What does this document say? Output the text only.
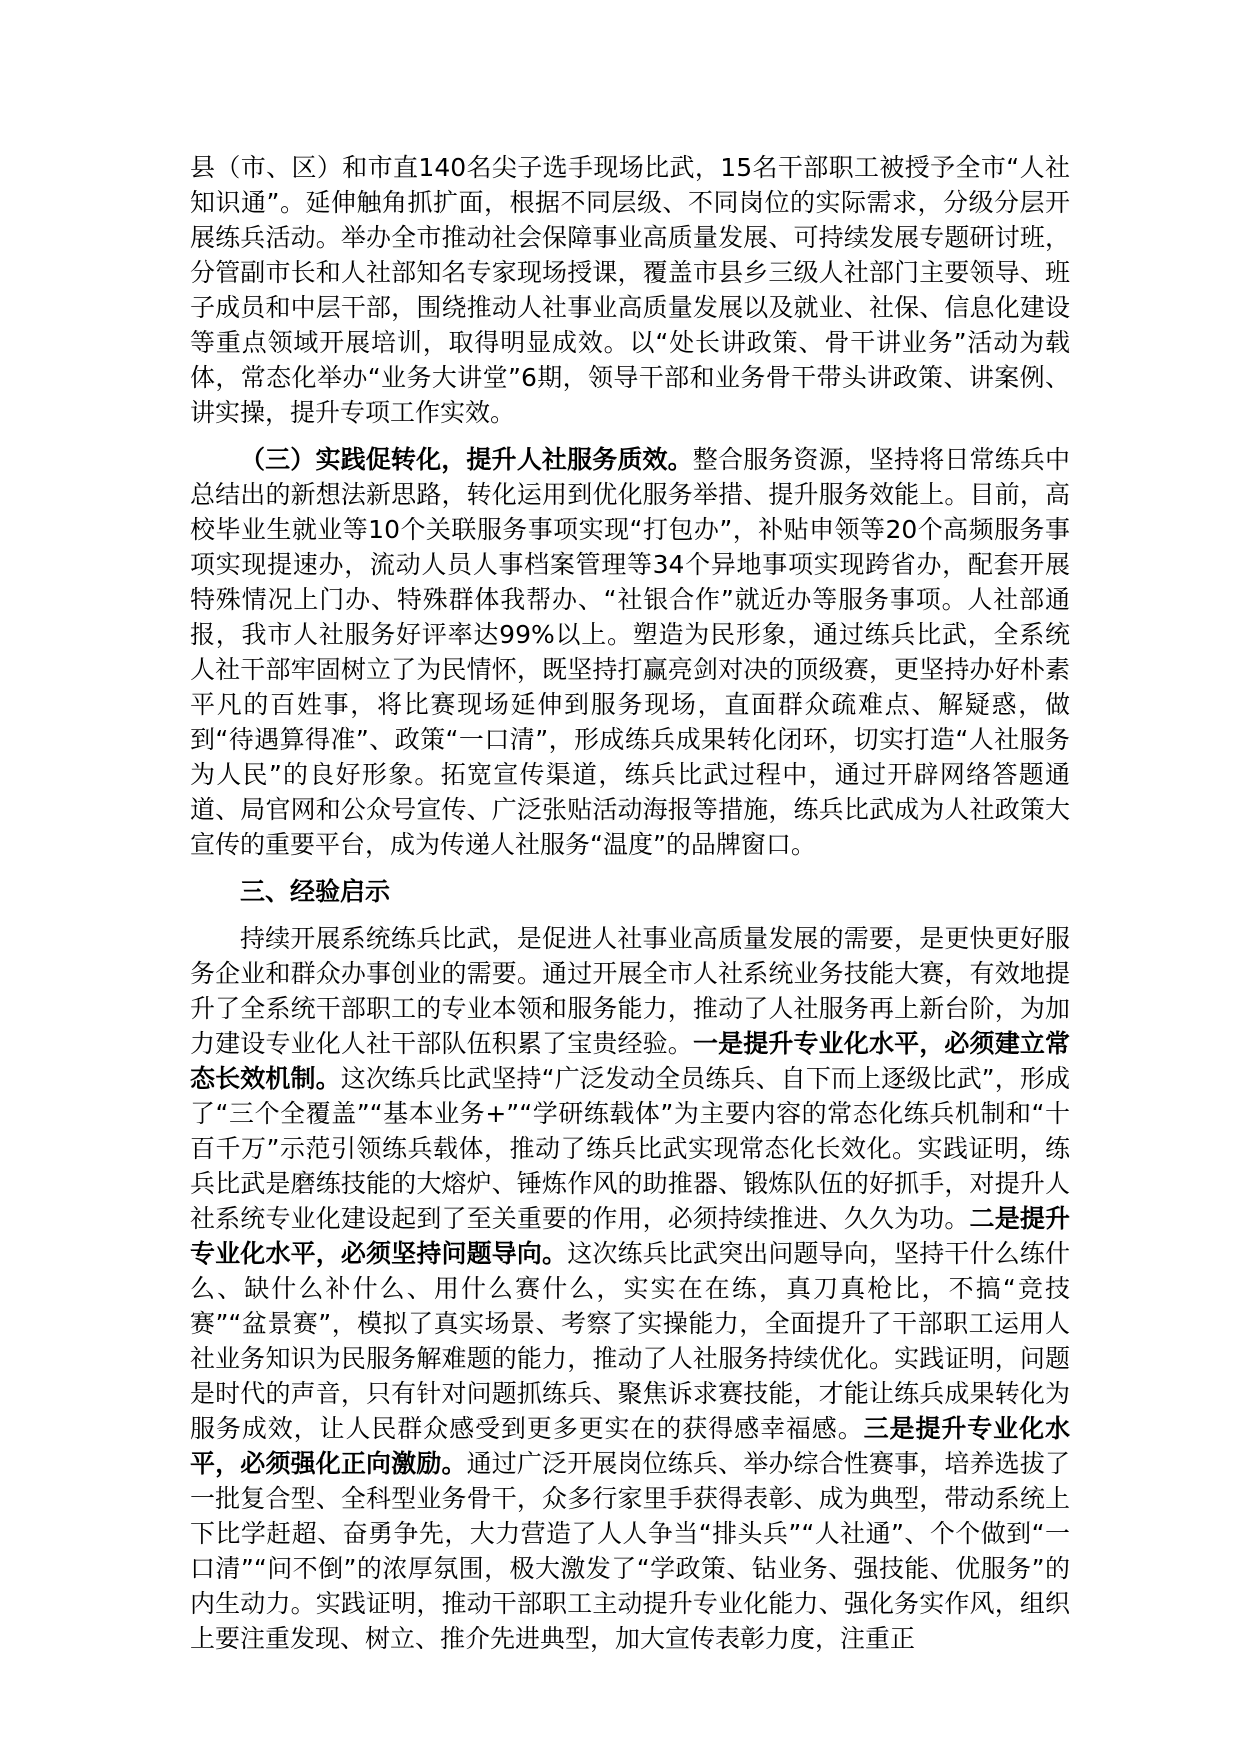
县（市、区）和市直140名尖子选手现场比武，15名干部职工被授予全市“人社知识通”。延伸触角抓扩面，根据不同层级、不同岗位的实际需求，分级分层开展练兵活动。举办全市推动社会保障事业高质量发展、可持续发展专题研讨班，分管副市长和人社部知名专家现场授课，覆盖市县乡三级人社部门主要领导、班子成员和中层干部，围绕推动人社事业高质量发展以及就业、社保、信息化建设等重点领域开展培训，取得明显成效。以“处长讲政策、骨干讲业务”活动为载体，常态化举办“业务大讲堂”6期，领导干部和业务骨干带头讲政策、讲案例、讲实操，提升专项工作实效。

（三）实践促转化，提升人社服务质效。整合服务资源，坚持将日常练兵中总结出的新想法新思路，转化运用到优化服务举措、提升服务效能上。目前，高校毕业生就业等10个关联服务事项实现“打包办”，补贴申领等20个高频服务事项实现提速办，流动人员人事档案管理等34个异地事项实现跨省办，配套开展特殊情况上门办、特殊群体我帮办、“社银合作”就近办等服务事项。人社部通报，我市人社服务好评率达99%以上。塑造为民形象，通过练兵比武，全系统人社干部牢固树立了为民情怀，既坚持打赢亮剑对决的顶级赛，更坚持办好朴素平凡的百姓事，将比赛现场延伸到服务现场，直面群众疏难点、解疑惑，做到“待遇算得准”、政策“一口清”，形成练兵成果转化闭环，切实打造“人社服务为人民”的良好形象。拓宽宣传渠道，练兵比武过程中，通过开辟网络答题通道、局官网和公众号宣传、广泛张贴活动海报等措施，练兵比武成为人社政策大宣传的重要平台，成为传递人社服务“温度”的品牌窗口。

三、经验启示

持续开展系统练兵比武，是促进人社事业高质量发展的需要，是更快更好服务企业和群众办事创业的需要。通过开展全市人社系统业务技能大赛，有效地提升了全系统干部职工的专业本领和服务能力，推动了人社服务再上新台阶，为加力建设专业化人社干部队伍积累了宝贵经验。一是提升专业化水平，必须建立常态长效机制。这次练兵比武坚持“广泛发动全员练兵、自下而上逐级比武”，形成了“三个全覆盖”“基本业务+”“学研练载体”为主要内容的常态化练兵机制和“十百千万”示范引领练兵载体，推动了练兵比武实现常态化长效化。实践证明，练兵比武是磨练技能的大熔炉、锤炼作风的助推器、锻炼队伍的好抓手，对提升人社系统专业化建设起到了至关重要的作用，必须持续推进、久久为功。二是提升专业化水平，必须坚持问题导向。这次练兵比武突出问题导向，坚持干什么练什么、缺什么补什么、用什么赛什么，实实在在练，真刀真枪比，不搞“竞技赛”“盆景赛”，模拟了真实场景、考察了实操能力，全面提升了干部职工运用人社业务知识为民服务解难题的能力，推动了人社服务持续优化。实践证明，问题是时代的声音，只有针对问题抓练兵、聚焦诉求赛技能，才能让练兵成果转化为服务成效，让人民群众感受到更多更实在的获得感幸福感。三是提升专业化水平，必须强化正向激励。通过广泛开展岗位练兵、举办综合性赛事，培养选拔了一批复合型、全科型业务骨干，众多行家里手获得表彰、成为典型，带动系统上下比学赶超、奋勇争先，大力营造了人人争当“排头兵”“人社通”、个个做到“一口清”“问不倒”的浓厚氛围，极大激发了“学政策、钻业务、强技能、优服务”的内生动力。实践证明，推动干部职工主动提升专业化能力、强化务实作风，组织上要注重发现、树立、推介先进典型，加大宣传表彰力度，注重正
